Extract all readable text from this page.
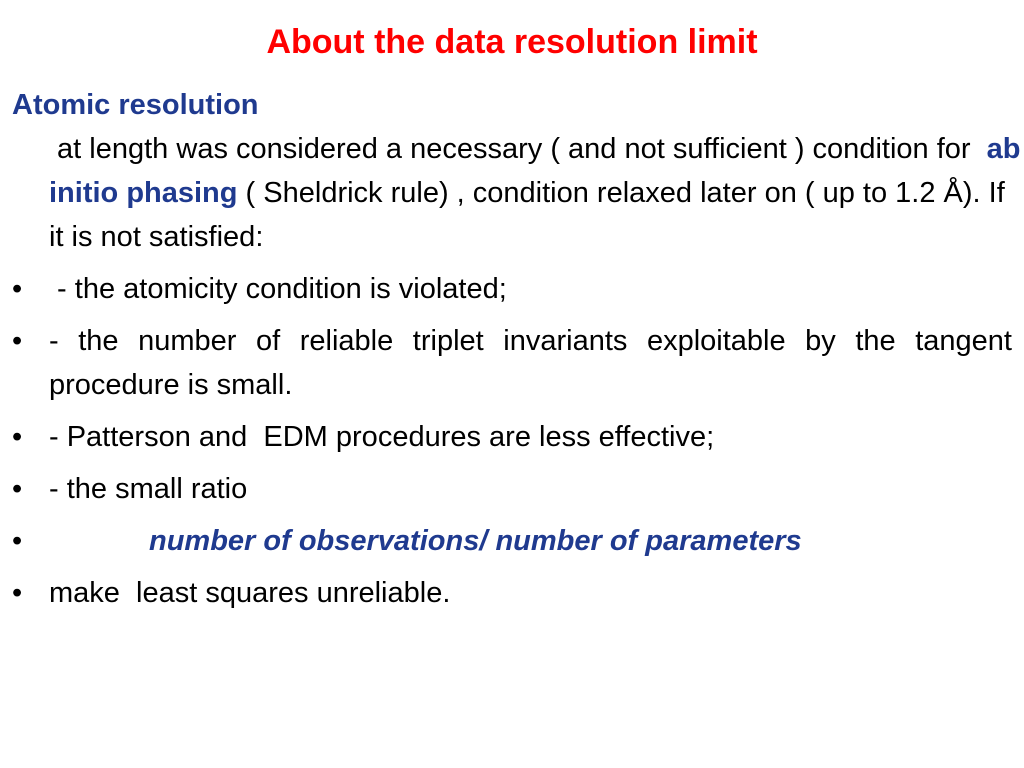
About the data resolution limit
Atomic resolution at length was considered a necessary ( and not sufficient ) condition for  ab initio phasing ( Sheldrick rule) , condition relaxed later on ( up to 1.2 Å). If it is not satisfied:
• - the atomicity condition is violated;
• - the number of reliable triplet invariants exploitable by the tangent procedure is small.
• - Patterson and  EDM procedures are less effective;
• - the small ratio
•	number of observations/ number of parameters
• make  least squares unreliable.
